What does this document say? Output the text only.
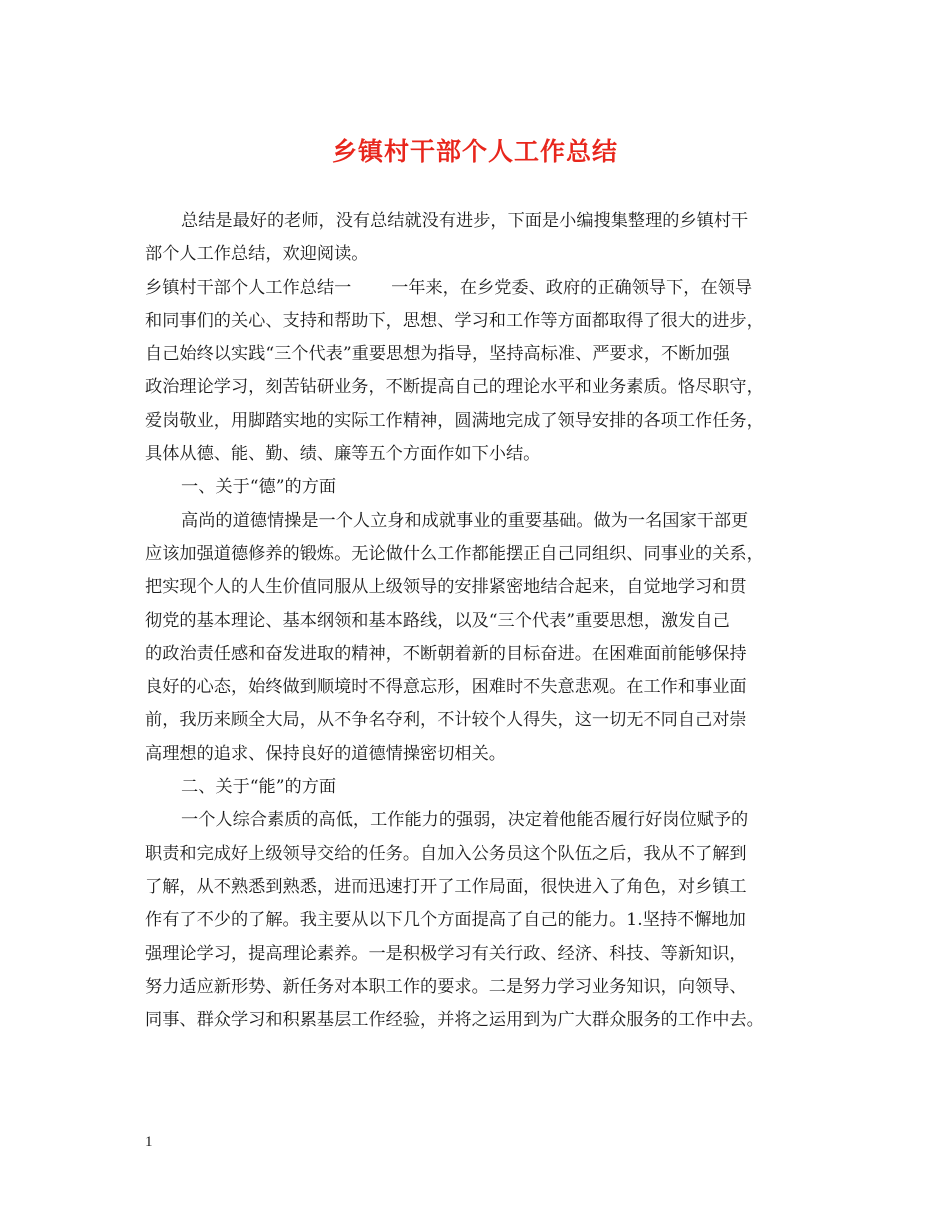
乡镇村干部个人工作总结
总结是最好的老师，没有总结就没有进步，下面是小编搜集整理的乡镇村干
部个人工作总结，欢迎阅读。
乡镇村干部个人工作总结一　　 一年来，在乡党委、政府的正确领导下，在领导
和同事们的关心、支持和帮助下，思想、学习和工作等方面都取得了很大的进步，
自己始终以实践“三个代表”重要思想为指导，坚持高标准、严要求，不断加强
政治理论学习，刻苦钻研业务，不断提高自己的理论水平和业务素质。恪尽职守，
爱岗敬业，用脚踏实地的实际工作精神，圆满地完成了领导安排的各项工作任务，
具体从德、能、勤、绩、廉等五个方面作如下小结。
一、关于“德”的方面
高尚的道德情操是一个人立身和成就事业的重要基础。做为一名国家干部更
应该加强道德修养的锻炼。无论做什么工作都能摆正自己同组织、同事业的关系，
把实现个人的人生价值同服从上级领导的安排紧密地结合起来，自觉地学习和贯
彻党的基本理论、基本纲领和基本路线，以及“三个代表”重要思想，激发自己
的政治责任感和奋发进取的精神，不断朝着新的目标奋进。在困难面前能够保持
良好的心态，始终做到顺境时不得意忘形，困难时不失意悲观。在工作和事业面
前，我历来顾全大局，从不争名夺利，不计较个人得失，这一切无不同自己对崇
高理想的追求、保持良好的道德情操密切相关。
二、关于“能”的方面
一个人综合素质的高低，工作能力的强弱，决定着他能否履行好岗位赋予的
职责和完成好上级领导交给的任务。自加入公务员这个队伍之后，我从不了解到
了解，从不熟悉到熟悉，进而迅速打开了工作局面，很快进入了角色，对乡镇工
作有了不少的了解。我主要从以下几个方面提高了自己的能力。1.坚持不懈地加
强理论学习，提高理论素养。一是积极学习有关行政、经济、科技、等新知识，
努力适应新形势、新任务对本职工作的要求。二是努力学习业务知识，向领导、
同事、群众学习和积累基层工作经验，并将之运用到为广大群众服务的工作中去。
1
